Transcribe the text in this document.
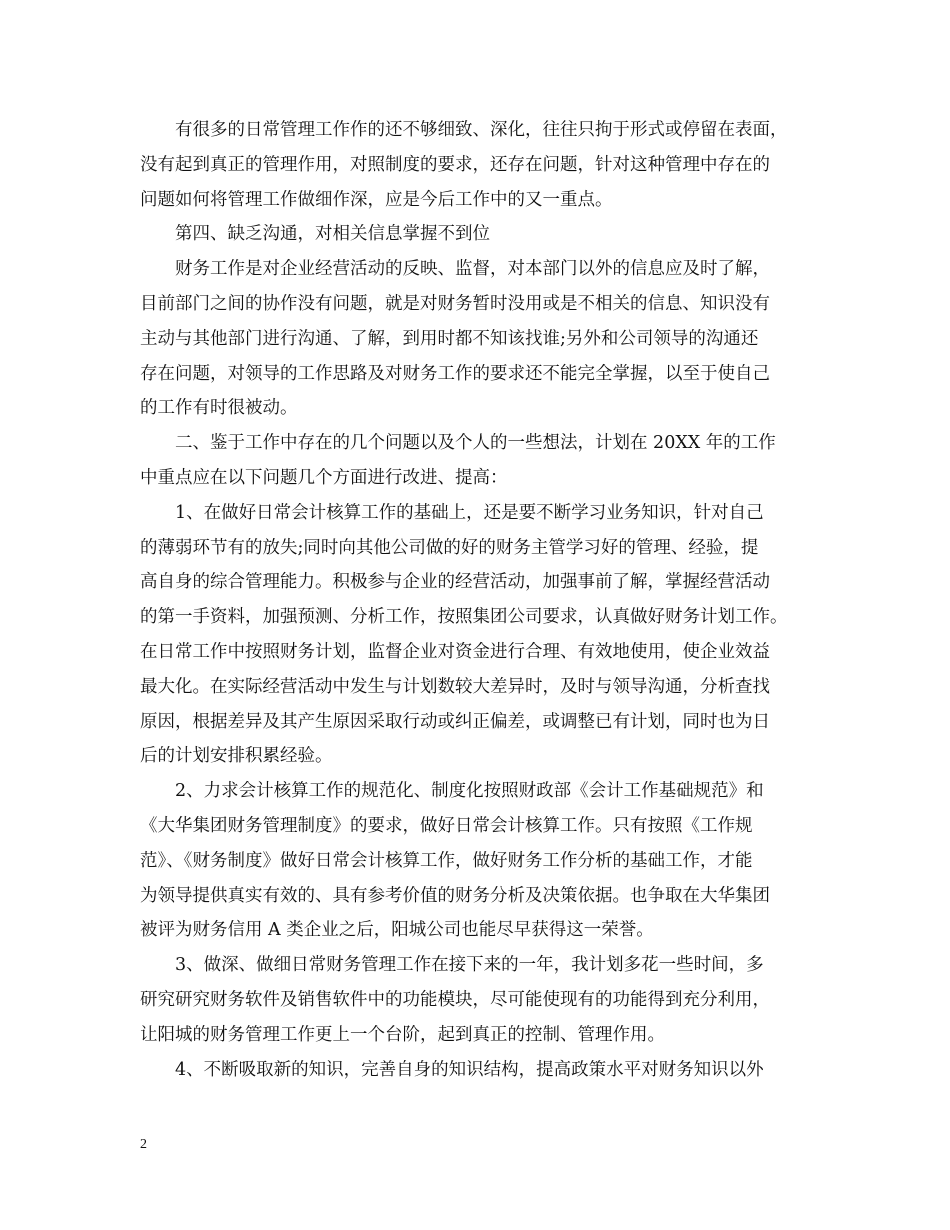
有很多的日常管理工作作的还不够细致、深化，往往只拘于形式或停留在表面，
没有起到真正的管理作用，对照制度的要求，还存在问题，针对这种管理中存在的
问题如何将管理工作做细作深，应是今后工作中的又一重点。
第四、缺乏沟通，对相关信息掌握不到位
财务工作是对企业经营活动的反映、监督，对本部门以外的信息应及时了解，
目前部门之间的协作没有问题，就是对财务暂时没用或是不相关的信息、知识没有
主动与其他部门进行沟通、了解，到用时都不知该找谁;另外和公司领导的沟通还
存在问题，对领导的工作思路及对财务工作的要求还不能完全掌握，以至于使自己
的工作有时很被动。
二、鉴于工作中存在的几个问题以及个人的一些想法，计划在 20XX 年的工作
中重点应在以下问题几个方面进行改进、提高：
1、在做好日常会计核算工作的基础上，还是要不断学习业务知识，针对自己
的薄弱环节有的放失;同时向其他公司做的好的财务主管学习好的管理、经验，提
高自身的综合管理能力。积极参与企业的经营活动，加强事前了解，掌握经营活动
的第一手资料，加强预测、分析工作，按照集团公司要求，认真做好财务计划工作。
在日常工作中按照财务计划，监督企业对资金进行合理、有效地使用，使企业效益
最大化。在实际经营活动中发生与计划数较大差异时，及时与领导沟通，分析查找
原因，根据差异及其产生原因采取行动或纠正偏差，或调整已有计划，同时也为日
后的计划安排积累经验。
2、力求会计核算工作的规范化、制度化按照财政部《会计工作基础规范》和
《大华集团财务管理制度》的要求，做好日常会计核算工作。只有按照《工作规
范》、《财务制度》做好日常会计核算工作，做好财务工作分析的基础工作，才能
为领导提供真实有效的、具有参考价值的财务分析及决策依据。也争取在大华集团
被评为财务信用 A 类企业之后，阳城公司也能尽早获得这一荣誉。
3、做深、做细日常财务管理工作在接下来的一年，我计划多花一些时间，多
研究研究财务软件及销售软件中的功能模块，尽可能使现有的功能得到充分利用，
让阳城的财务管理工作更上一个台阶，起到真正的控制、管理作用。
4、不断吸取新的知识，完善自身的知识结构，提高政策水平对财务知识以外
2
